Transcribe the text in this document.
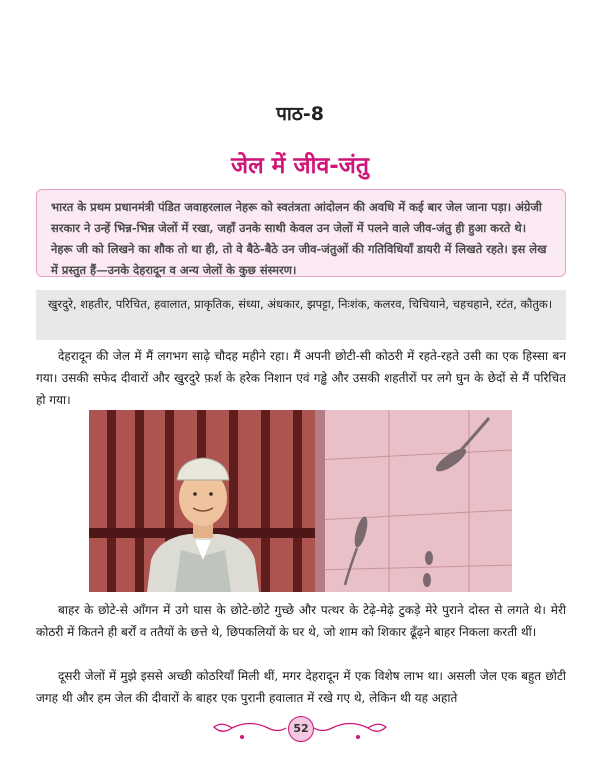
पाठ-8
जेल में जीव-जंतु
भारत के प्रथम प्रधानमंत्री पंडित जवाहरलाल नेहरू को स्वतंत्रता आंदोलन की अवधि में कई बार जेल जाना पड़ा। अंग्रेजी सरकार ने उन्हें भिन्न-भिन्न जेलों में रखा, जहाँ उनके साथी केवल उन जेलों में पलने वाले जीव-जंतु ही हुआ करते थे। नेहरू जी को लिखने का शौक तो था ही, तो वे बैठे-बैठे उन जीव-जंतुओं की गतिविधियाँ डायरी में लिखते रहते। इस लेख में प्रस्तुत हैं—उनके देहरादून व अन्य जेलों के कुछ संस्मरण।
खुरदुरे, शहतीर, परिचित, हवालात, प्राकृतिक, संध्या, अंधकार, झपट्टा, निःशंक, कलरव, चिचियाने, चहचहाने, रटंत, कौतुक।
देहरादून की जेल में मैं लगभग साढ़े चौदह महीने रहा। मैं अपनी छोटी-सी कोठरी में रहते-रहते उसी का एक हिस्सा बन गया। उसकी सफेद दीवारों और खुरदुरे फ़र्श के हरेक निशान एवं गड्ढे और उसकी शहतीरों पर लगे घुन के छेदों से मैं परिचित हो गया।
बाहर के छोटे-से आँगन में उगे घास के छोटे-छोटे गुच्छे और पत्थर के टेढ़े-मेढ़े टुकड़े मेरे पुराने दोस्त से लगते थे। मेरी कोठरी में कितने ही बर्रों व ततैयों के छत्ते थे, छिपकलियों के घर थे, जो शाम को शिकार ढूँढ़ने बाहर निकला करती थीं।
दूसरी जेलों में मुझे इससे अच्छी कोठरियाँ मिली थीं, मगर देहरादून में एक विशेष लाभ था। असली जेल एक बहुत छोटी जगह थी और हम जेल की दीवारों के बाहर एक पुरानी हवालात में रखे गए थे, लेकिन थी यह अहाते
52
